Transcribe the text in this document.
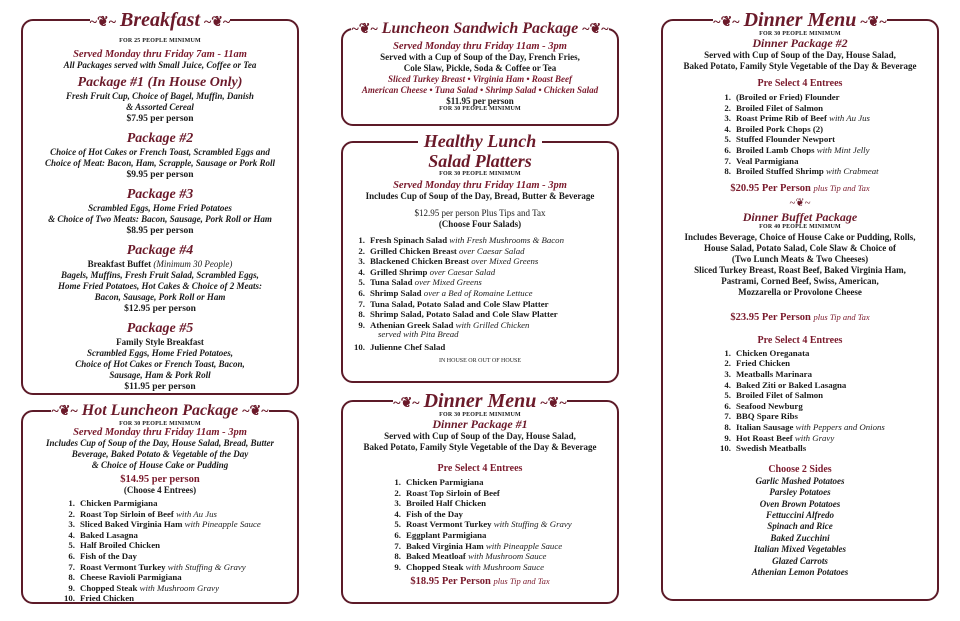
~❦~ Breakfast ~❦~

FOR 25 PEOPLE MINIMUM

Served Monday thru Friday 7am - 11am

All Packages served with Small Juice, Coffee or Tea

Package #1 (In House Only)

Fresh Fruit Cup, Choice of Bagel, Muffin, Danish

& Assorted Cereal

$7.95 per person

Package #2

Choice of Hot Cakes or French Toast, Scrambled Eggs and

Choice of Meat: Bacon, Ham, Scrapple, Sausage or Pork Roll

$9.95 per person

Package #3

Scrambled Eggs, Home Fried Potatoes

& Choice of Two Meats: Bacon, Sausage, Pork Roll or Ham

$8.95 per person

Package #4

Breakfast Buffet (Minimum 30 People)

Bagels, Muffins, Fresh Fruit Salad, Scrambled Eggs,

Home Fried Potatoes, Hot Cakes & Choice of 2 Meats:

Bacon, Sausage, Pork Roll or Ham

$12.95 per person

Package #5

Family Style Breakfast

Scrambled Eggs, Home Fried Potatoes,

Choice of Hot Cakes or French Toast, Bacon,

Sausage, Ham & Pork Roll

$11.95 per person

~❦~ Hot Luncheon Package ~❦~

FOR 30 PEOPLE MINIMUM

Served Monday thru Friday 11am - 3pm

Includes Cup of Soup of the Day, House Salad, Bread, Butter

Beverage, Baked Potato & Vegetable of the Day

& Choice of House Cake or Pudding

$14.95 per person

(Choose 4 Entrees)

1. Chicken Parmigiana
2. Roast Top Sirloin of Beef with Au Jus
3. Sliced Baked Virginia Ham with Pineapple Sauce
4. Baked Lasagna
5. Half Broiled Chicken
6. Fish of the Day
7. Roast Vermont Turkey with Stuffing & Gravy
8. Cheese Ravioli Parmigiana
9. Chopped Steak with Mushroom Gravy
10. Fried Chicken
~❦~ Luncheon Sandwich Package ~❦~

Served Monday thru Friday 11am - 3pm

Served with a Cup of Soup of the Day, French Fries,

Cole Slaw, Pickle, Soda & Coffee or Tea

Sliced Turkey Breast • Virginia Ham • Roast Beef

American Cheese • Tuna Salad • Shrimp Salad • Chicken Salad

$11.95 per person

FOR 30 PEOPLE MINIMUM

Healthy Lunch

Salad Platters

FOR 30 PEOPLE MINIMUM

Served Monday thru Friday 11am - 3pm

Includes Cup of Soup of the Day, Bread, Butter & Beverage

$12.95 per person Plus Tips and Tax

(Choose Four Salads)

1. Fresh Spinach Salad with Fresh Mushrooms & Bacon
2. Grilled Chicken Breast over Caesar Salad
3. Blackened Chicken Breast over Mixed Greens
4. Grilled Shrimp over Caesar Salad
5. Tuna Salad over Mixed Greens
6. Shrimp Salad over a Bed of Romaine Lettuce
7. Tuna Salad, Potato Salad and Cole Slaw Platter
8. Shrimp Salad, Potato Salad and Cole Slaw Platter
9. Athenian Greek Salad with Grilled Chicken
served with Pita Bread
10. Julienne Chef Salad

IN HOUSE OR OUT OF HOUSE

~❦~ Dinner Menu ~❦~

FOR 30 PEOPLE MINIMUM

Dinner Package #1

Served with Cup of Soup of the Day, House Salad,

Baked Potato, Family Style Vegetable of the Day & Beverage

Pre Select 4 Entrees

1. Chicken Parmigiana
2. Roast Top Sirloin of Beef
3. Broiled Half Chicken
4. Fish of the Day
5. Roast Vermont Turkey with Stuffing & Gravy
6. Eggplant Parmigiana
7. Baked Virginia Ham with Pineapple Sauce
8. Baked Meatloaf with Mushroom Sauce
9. Chopped Steak with Mushroom Sauce

$18.95 Per Person plus Tip and Tax

~❦~ Dinner Menu ~❦~

FOR 30 PEOPLE MINIMUM

Dinner Package #2

Served with Cup of Soup of the Day, House Salad,

Baked Potato, Family Style Vegetable of the Day & Beverage

Pre Select 4 Entrees

1. (Broiled or Fried) Flounder
2. Broiled Filet of Salmon
3. Roast Prime Rib of Beef with Au Jus
4. Broiled Pork Chops (2)
5. Stuffed Flounder Newport
6. Broiled Lamb Chops with Mint Jelly
7. Veal Parmigiana
8. Broiled Stuffed Shrimp with Crabmeat

$20.95 Per Person plus Tip and Tax

~❦~

Dinner Buffet Package

FOR 40 PEOPLE MINIMUM

Includes Beverage, Choice of House Cake or Pudding, Rolls,

House Salad, Potato Salad, Cole Slaw & Choice of

(Two Lunch Meats & Two Cheeses)

Sliced Turkey Breast, Roast Beef, Baked Virginia Ham,

Pastrami, Corned Beef, Swiss, American,

Mozzarella or Provolone Cheese

$23.95 Per Person plus Tip and Tax

Pre Select 4 Entrees

1. Chicken Oreganata
2. Fried Chicken
3. Meatballs Marinara
4. Baked Ziti or Baked Lasagna
5. Broiled Filet of Salmon
6. Seafood Newburg
7. BBQ Spare Ribs
8. Italian Sausage with Peppers and Onions
9. Hot Roast Beef with Gravy
10. Swedish Meatballs

Choose 2 Sides

Garlic Mashed Potatoes

Parsley Potatoes

Oven Brown Potatoes

Fettuccini Alfredo

Spinach and Rice

Baked Zucchini

Italian Mixed Vegetables

Glazed Carrots

Athenian Lemon Potatoes
